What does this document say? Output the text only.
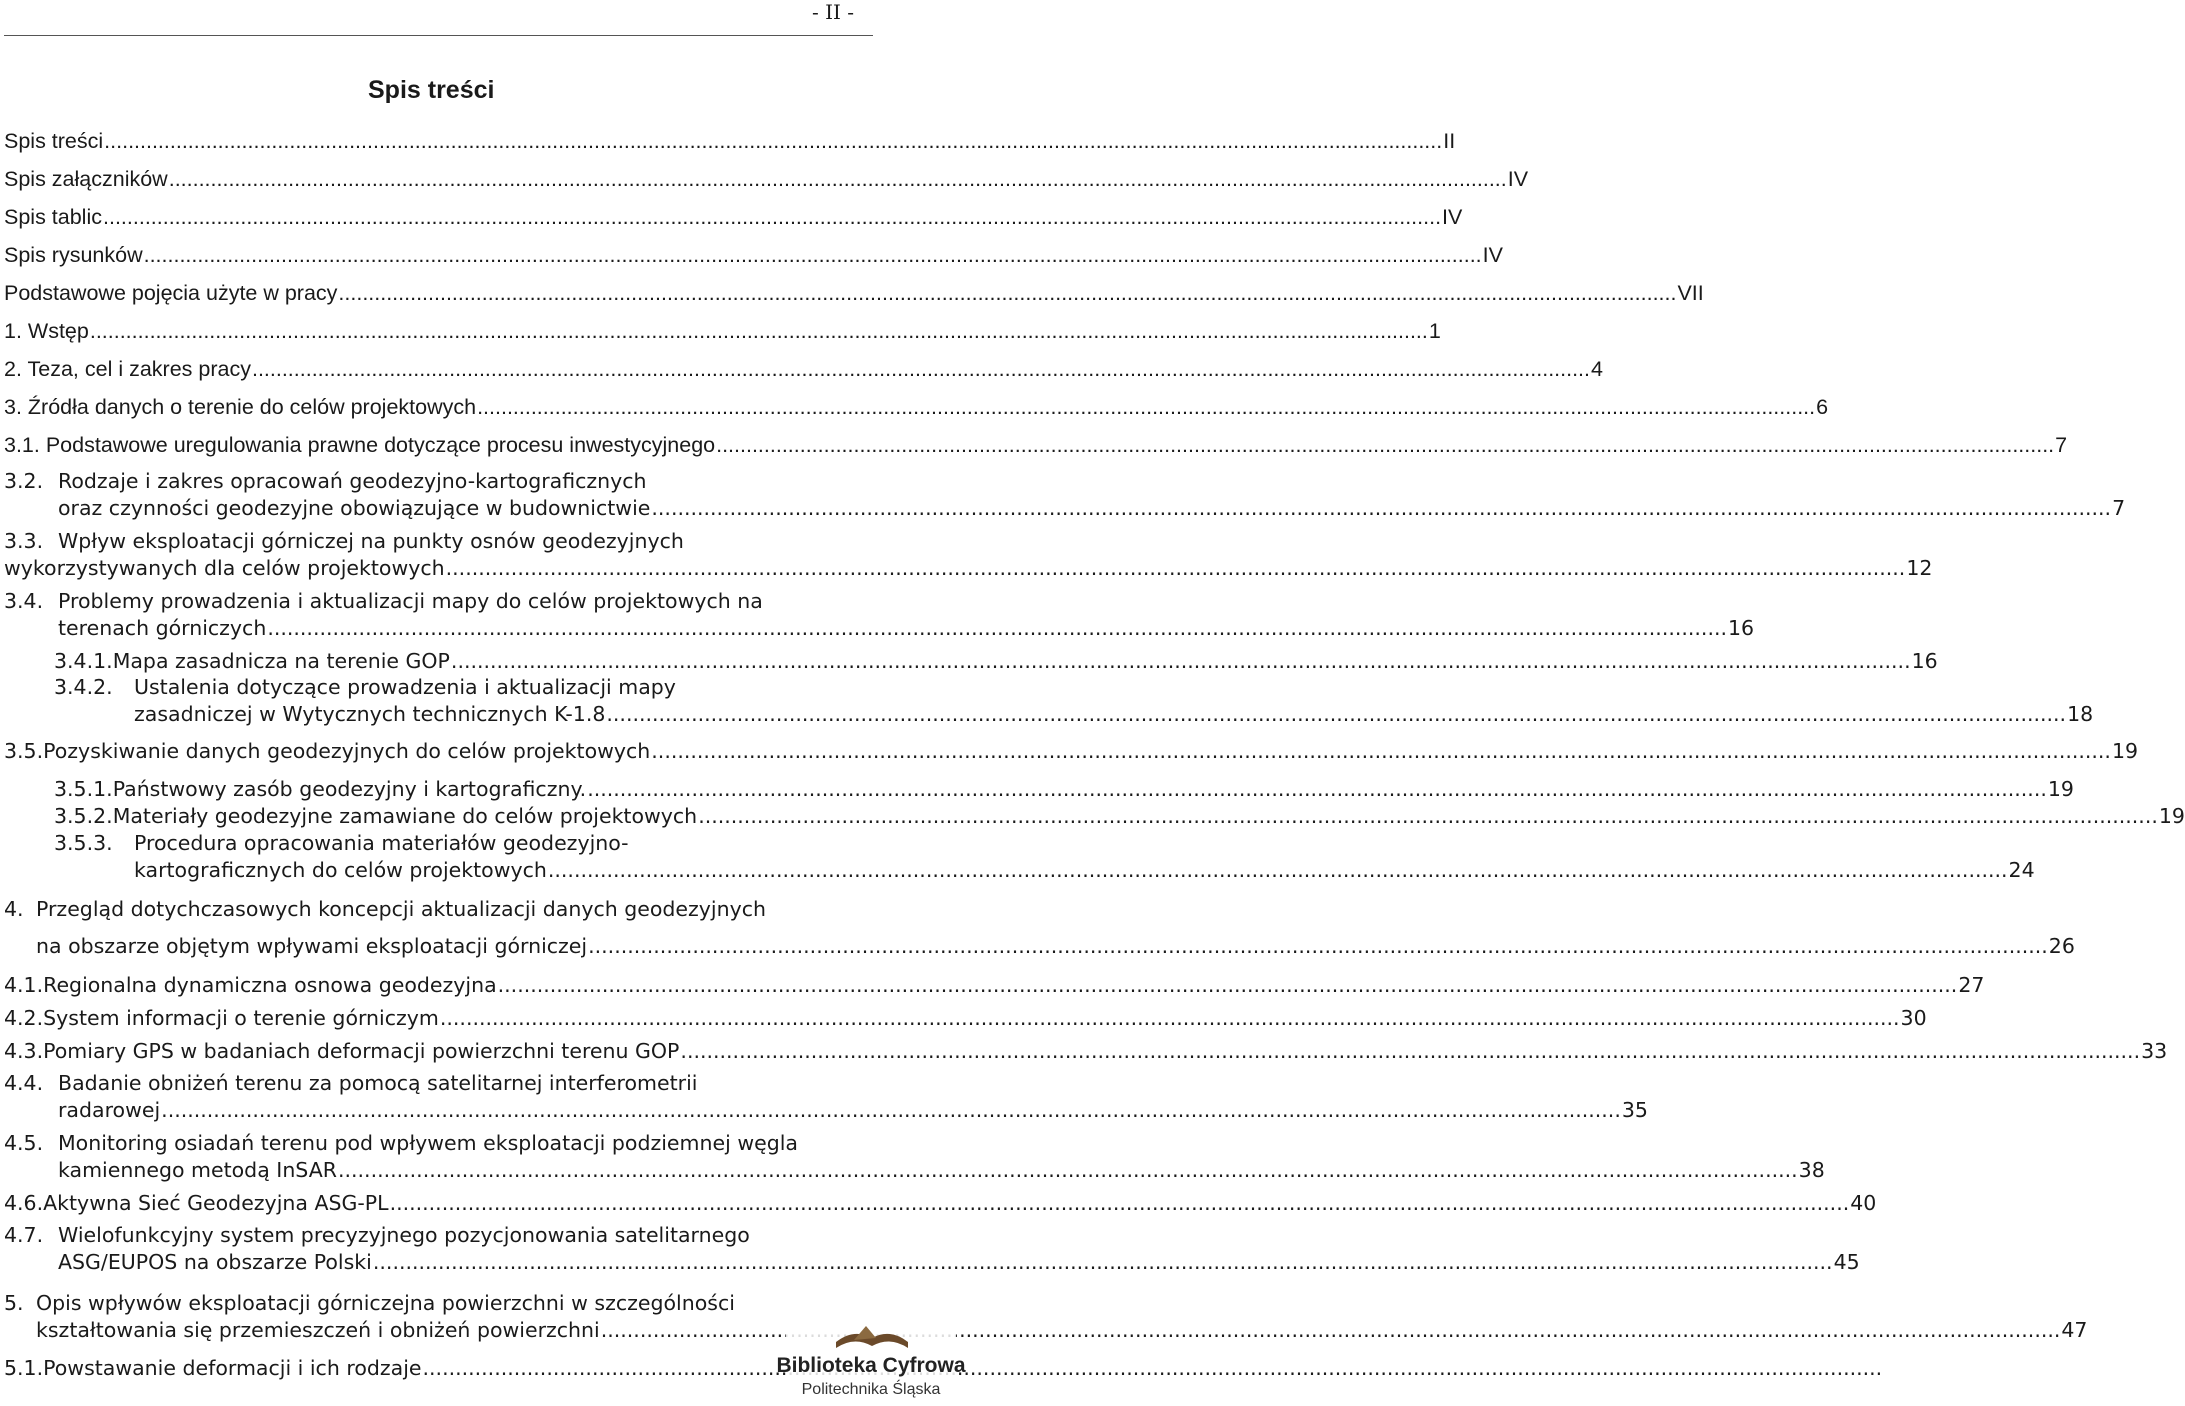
- II -
Spis treści
Spis treści .....	II
Spis załączników .....	IV
Spis tablic .....	IV
Spis rysunków .....	IV
Podstawowe pojęcia użyte w pracy .....	VII
1. Wstęp .....	1
2. Teza, cel i zakres pracy .....	4
3. Źródła danych o terenie do celów projektowych .....	6
3.1. Podstawowe uregulowania prawne dotyczące procesu inwestycyjnego .....	7
3.2. Rodzaje i zakres opracowań geodezyjno-kartograficznych
oraz czynności geodezyjne obowiązujące w budownictwie .....	7
3.3. Wpływ eksploatacji górniczej na punkty osnów geodezyjnych
wykorzystywanych dla celów projektowych .....	12
3.4. Problemy prowadzenia i aktualizacji mapy do celów projektowych na
terenach górniczych .....	16
3.4.1. Mapa zasadnicza na terenie GOP .....	16
3.4.2.	Ustalenia dotyczące prowadzenia i aktualizacji mapy
zasadniczej w Wytycznych technicznych K-1.8 .....	18
3.5. Pozyskiwanie danych geodezyjnych do celów projektowych .....	19
3.5.1. Państwowy zasób geodezyjny i kartograficzny. .....	19
3.5.2. Materiały geodezyjne zamawiane do celów projektowych .....	19
3.5.3.	Procedura opracowania materiałów geodezyjno-
kartograficznych do celów projektowych .....	24
4. Przegląd dotychczasowych koncepcji aktualizacji danych geodezyjnych
na obszarze objętym wpływami eksploatacji górniczej .....	26
4.1. Regionalna dynamiczna osnowa geodezyjna .....	27
4.2. System informacji o terenie górniczym .....	30
4.3. Pomiary GPS w badaniach deformacji powierzchni terenu GOP .....	33
4.4. Badanie obniżeń terenu za pomocą satelitarnej interferometrii
radarowej .....	35
4.5. Monitoring osiadań terenu pod wpływem eksploatacji podziemnej węgla
kamiennego metodą InSAR .....	38
4.6. Aktywna Sieć Geodezyjna ASG-PL .....	40
4.7. Wielofunkcyjny system precyzyjnego pozycjonowania satelitarnego
ASG/EUPOS na obszarze Polski .....	45
5. Opis wpływów eksploatacji górniczejna powierzchni w szczególności
kształtowania się przemieszczeń i obniżeń powierzchni .....	47
5.1. Powstawanie deformacji i ich rodzaje .....	Biblioteka Cyfrowa
Politechnika Śląska
